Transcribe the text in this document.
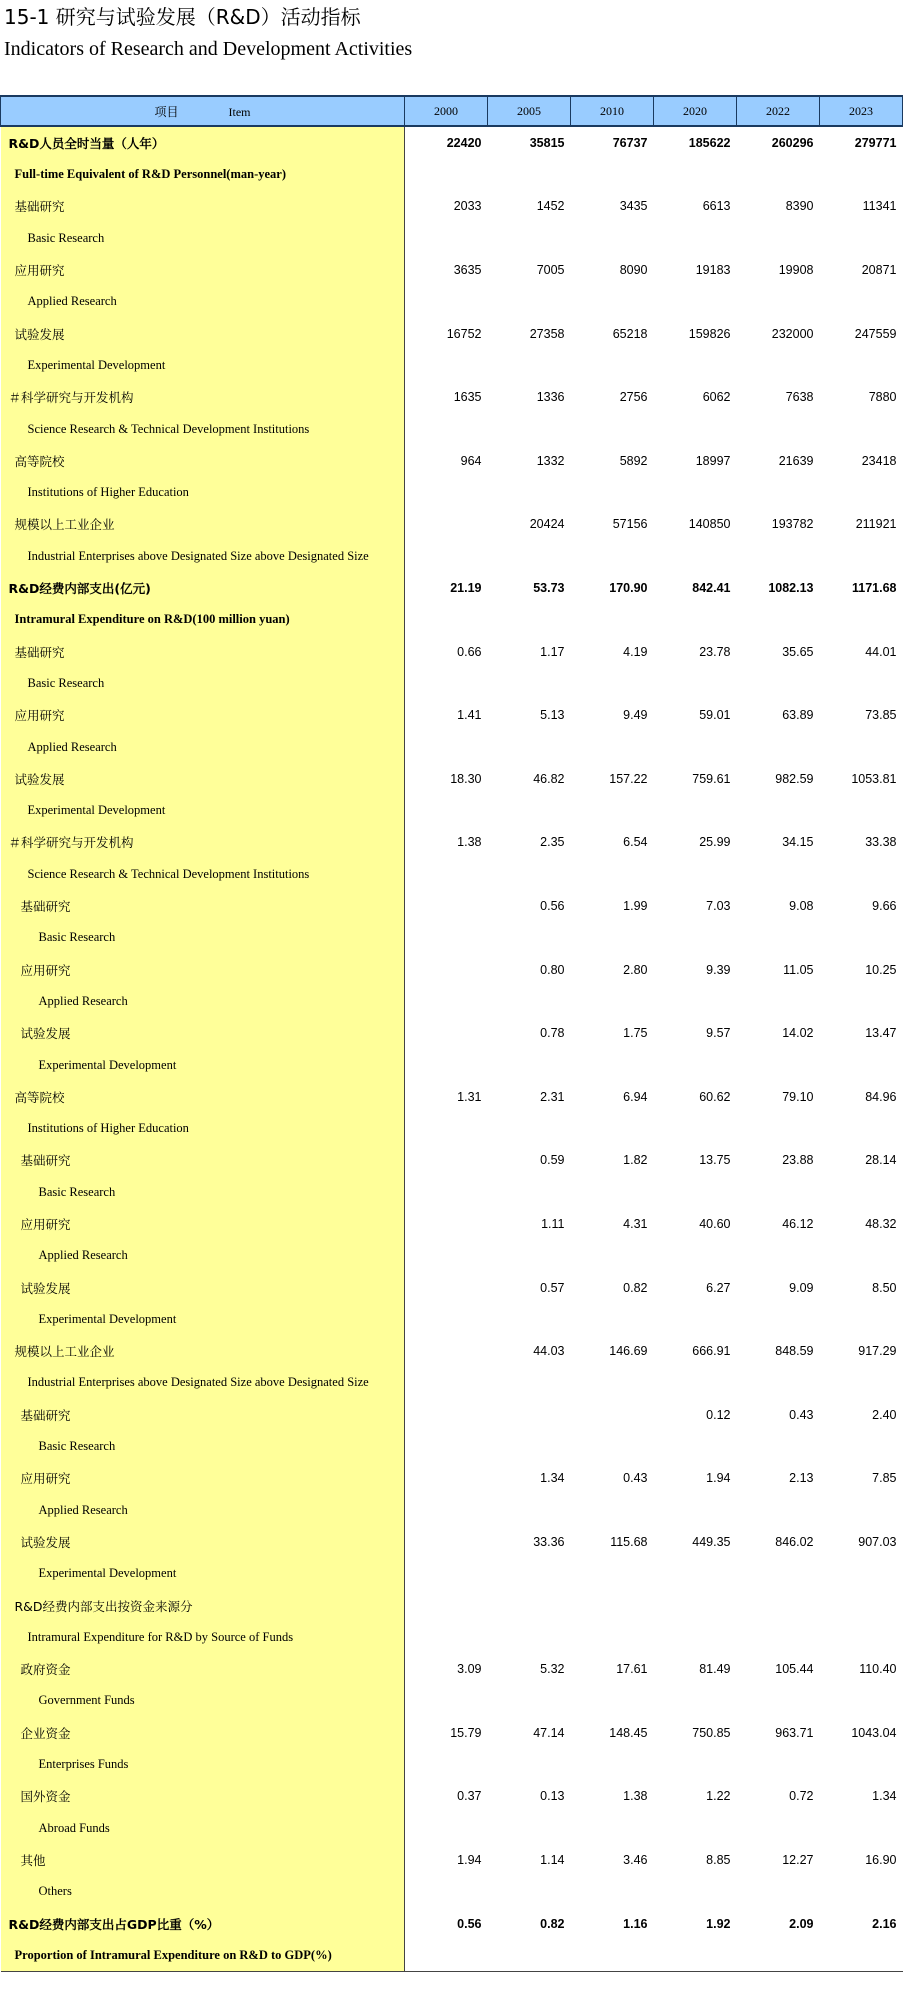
15-1 研究与试验发展（R&D）活动指标
Indicators of Research and Development Activities
项目 Item	2000	2005	2010	2020	2022	2023
R&D人员全时当量（人年）	22420	35815	76737	185622	260296	279771
Full-time Equivalent of R&D Personnel(man-year)						
基础研究	2033	1452	3435	6613	8390	11341
Basic Research						
应用研究	3635	7005	8090	19183	19908	20871
Applied Research						
试验发展	16752	27358	65218	159826	232000	247559
Experimental Development						
＃科学研究与开发机构	1635	1336	2756	6062	7638	7880
Science Research & Technical Development Institutions						
高等院校	964	1332	5892	18997	21639	23418
Institutions of Higher Education						
规模以上工业企业		20424	57156	140850	193782	211921
Industrial Enterprises above Designated Size above Designated Size						
R&D经费内部支出(亿元)	21.19	53.73	170.90	842.41	1082.13	1171.68
Intramural Expenditure on R&D(100 million yuan)						
基础研究	0.66	1.17	4.19	23.78	35.65	44.01
Basic Research						
应用研究	1.41	5.13	9.49	59.01	63.89	73.85
Applied Research						
试验发展	18.30	46.82	157.22	759.61	982.59	1053.81
Experimental Development						
＃科学研究与开发机构	1.38	2.35	6.54	25.99	34.15	33.38
Science Research & Technical Development Institutions						
基础研究		0.56	1.99	7.03	9.08	9.66
Basic Research						
应用研究		0.80	2.80	9.39	11.05	10.25
Applied Research						
试验发展		0.78	1.75	9.57	14.02	13.47
Experimental Development						
高等院校	1.31	2.31	6.94	60.62	79.10	84.96
Institutions of Higher Education						
基础研究		0.59	1.82	13.75	23.88	28.14
Basic Research						
应用研究		1.11	4.31	40.60	46.12	48.32
Applied Research						
试验发展		0.57	0.82	6.27	9.09	8.50
Experimental Development						
规模以上工业企业		44.03	146.69	666.91	848.59	917.29
Industrial Enterprises above Designated Size above Designated Size						
基础研究				0.12	0.43	2.40
Basic Research						
应用研究		1.34	0.43	1.94	2.13	7.85
Applied Research						
试验发展		33.36	115.68	449.35	846.02	907.03
Experimental Development						
R&D经费内部支出按资金来源分						
Intramural Expenditure for R&D by Source of Funds						
政府资金	3.09	5.32	17.61	81.49	105.44	110.40
Government Funds						
企业资金	15.79	47.14	148.45	750.85	963.71	1043.04
Enterprises Funds						
国外资金	0.37	0.13	1.38	1.22	0.72	1.34
Abroad Funds						
其他	1.94	1.14	3.46	8.85	12.27	16.90
Others						
R&D经费内部支出占GDP比重（%）	0.56	0.82	1.16	1.92	2.09	2.16
Proportion of Intramural Expenditure on R&D to GDP(%)						
